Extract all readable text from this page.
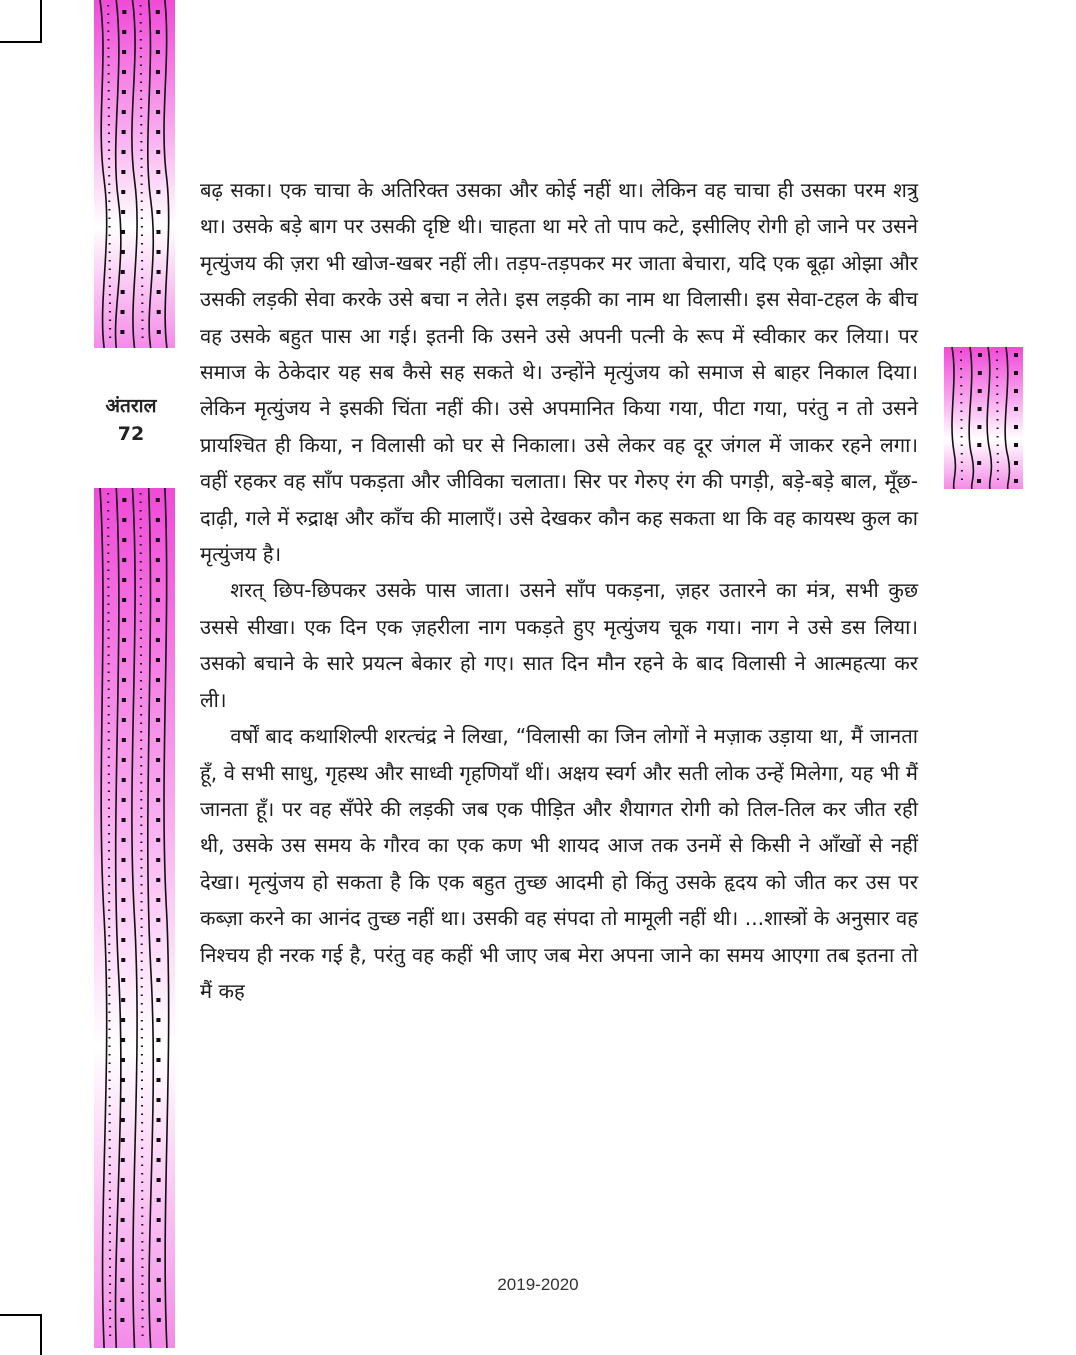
अंतराल
72

बढ़ सका। एक चाचा के अतिरिक्त उसका और कोई नहीं था। लेकिन वह चाचा ही उसका परम शत्रु था। उसके बड़े बाग पर उसकी दृष्टि थी। चाहता था मरे तो पाप कटे, इसीलिए रोगी हो जाने पर उसने मृत्युंजय की ज़रा भी खोज-खबर नहीं ली। तड़प-तड़पकर मर जाता बेचारा, यदि एक बूढ़ा ओझा और उसकी लड़की सेवा करके उसे बचा न लेते। इस लड़की का नाम था विलासी। इस सेवा-टहल के बीच वह उसके बहुत पास आ गई। इतनी कि उसने उसे अपनी पत्नी के रूप में स्वीकार कर लिया। पर समाज के ठेकेदार यह सब कैसे सह सकते थे। उन्होंने मृत्युंजय को समाज से बाहर निकाल दिया। लेकिन मृत्युंजय ने इसकी चिंता नहीं की। उसे अपमानित किया गया, पीटा गया, परंतु न तो उसने प्रायश्चित ही किया, न विलासी को घर से निकाला। उसे लेकर वह दूर जंगल में जाकर रहने लगा। वहीं रहकर वह साँप पकड़ता और जीविका चलाता। सिर पर गेरुए रंग की पगड़ी, बड़े-बड़े बाल, मूँछ-दाढ़ी, गले में रुद्राक्ष और काँच की मालाएँ। उसे देखकर कौन कह सकता था कि वह कायस्थ कुल का मृत्युंजय है।

शरत् छिप-छिपकर उसके पास जाता। उसने साँप पकड़ना, ज़हर उतारने का मंत्र, सभी कुछ उससे सीखा। एक दिन एक ज़हरीला नाग पकड़ते हुए मृत्युंजय चूक गया। नाग ने उसे डस लिया। उसको बचाने के सारे प्रयत्न बेकार हो गए। सात दिन मौन रहने के बाद विलासी ने आत्महत्या कर ली।

वर्षों बाद कथाशिल्पी शरत्चंद्र ने लिखा, “विलासी का जिन लोगों ने मज़ाक उड़ाया था, मैं जानता हूँ, वे सभी साधु, गृहस्थ और साध्वी गृहणियाँ थीं। अक्षय स्वर्ग और सती लोक उन्हें मिलेगा, यह भी मैं जानता हूँ। पर वह सँपेरे की लड़की जब एक पीड़ित और शैयागत रोगी को तिल-तिल कर जीत रही थी, उसके उस समय के गौरव का एक कण भी शायद आज तक उनमें से किसी ने आँखों से नहीं देखा। मृत्युंजय हो सकता है कि एक बहुत तुच्छ आदमी हो किंतु उसके हृदय को जीत कर उस पर कब्ज़ा करने का आनंद तुच्छ नहीं था। उसकी वह संपदा तो मामूली नहीं थी। ...शास्त्रों के अनुसार वह निश्चय ही नरक गई है, परंतु वह कहीं भी जाए जब मेरा अपना जाने का समय आएगा तब इतना तो मैं कह

2019-2020
